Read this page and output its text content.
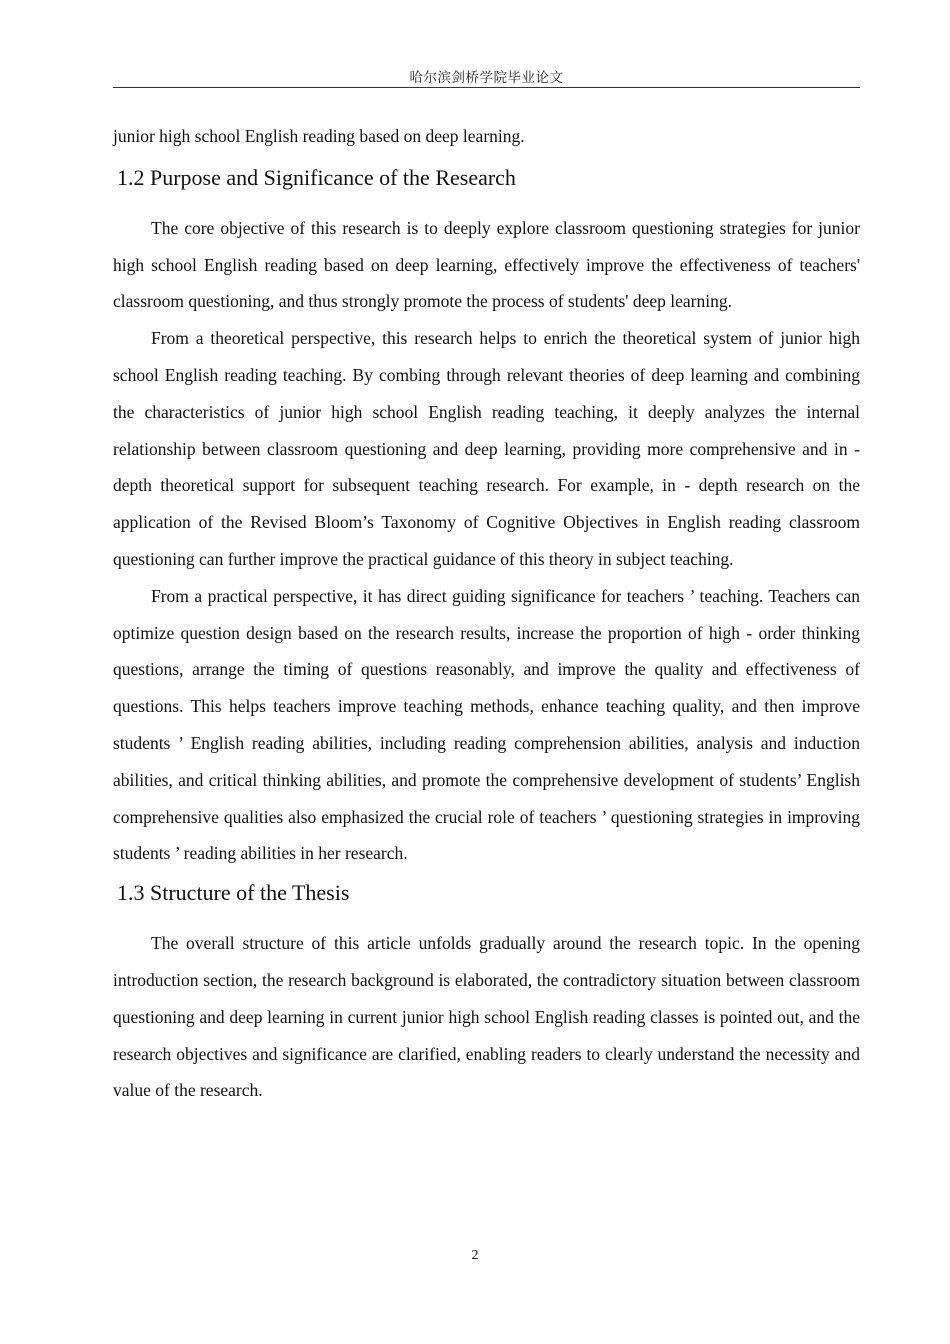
哈尔滨剑桥学院毕业论文

junior high school English reading based on deep learning.

1.2 Purpose and Significance of the Research

The core objective of this research is to deeply explore classroom questioning strategies for junior high school English reading based on deep learning, effectively improve the effectiveness of teachers' classroom questioning, and thus strongly promote the process of students' deep learning.

From a theoretical perspective, this research helps to enrich the theoretical system of junior high school English reading teaching. By combing through relevant theories of deep learning and combining the characteristics of junior high school English reading teaching, it deeply analyzes the internal relationship between classroom questioning and deep learning, providing more comprehensive and in - depth theoretical support for subsequent teaching research. For example, in - depth research on the application of the Revised Bloom’s Taxonomy of Cognitive Objectives in English reading classroom questioning can further improve the practical guidance of this theory in subject teaching.

From a practical perspective, it has direct guiding significance for teachers ’ teaching. Teachers can optimize question design based on the research results, increase the proportion of high - order thinking questions, arrange the timing of questions reasonably, and improve the quality and effectiveness of questions. This helps teachers improve teaching methods, enhance teaching quality, and then improve students ’ English reading abilities, including reading comprehension abilities, analysis and induction abilities, and critical thinking abilities, and promote the comprehensive development of students’ English comprehensive qualities also emphasized the crucial role of teachers ’ questioning strategies in improving students ’ reading abilities in her research.

1.3 Structure of the Thesis

The overall structure of this article unfolds gradually around the research topic. In the opening introduction section, the research background is elaborated, the contradictory situation between classroom questioning and deep learning in current junior high school English reading classes is pointed out, and the research objectives and significance are clarified, enabling readers to clearly understand the necessity and value of the research.

2
